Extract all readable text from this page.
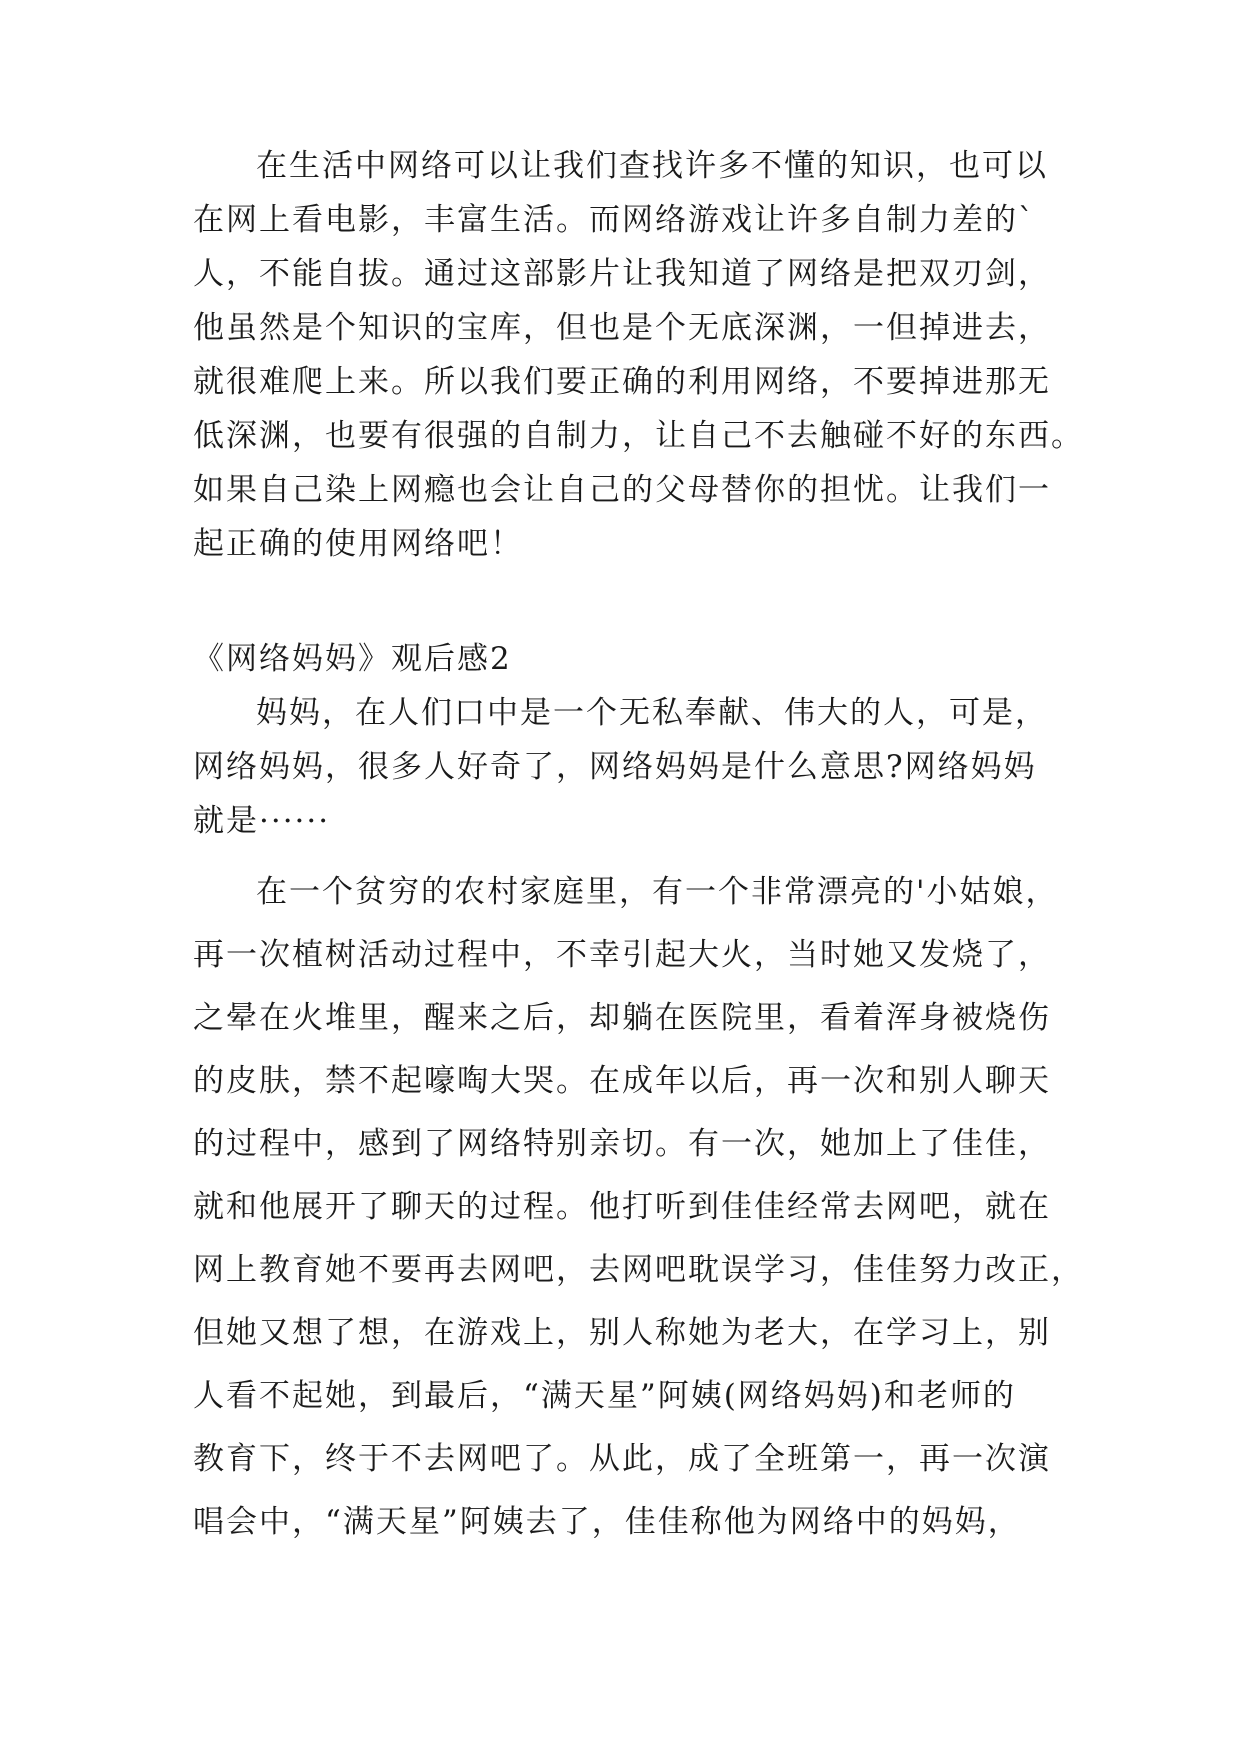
在生活中网络可以让我们查找许多不懂的知识，也可以
在网上看电影，丰富生活。而网络游戏让许多自制力差的`
人，不能自拔。通过这部影片让我知道了网络是把双刃剑，
他虽然是个知识的宝库，但也是个无底深渊，一但掉进去，
就很难爬上来。所以我们要正确的利用网络，不要掉进那无
低深渊，也要有很强的自制力，让自己不去触碰不好的东西。
如果自己染上网瘾也会让自己的父母替你的担忧。让我们一
起正确的使用网络吧！
《网络妈妈》观后感2
妈妈，在人们口中是一个无私奉献、伟大的人，可是，
网络妈妈，很多人好奇了，网络妈妈是什么意思?网络妈妈
就是······
在一个贫穷的农村家庭里，有一个非常漂亮的'小姑娘，
再一次植树活动过程中，不幸引起大火，当时她又发烧了，
之晕在火堆里，醒来之后，却躺在医院里，看着浑身被烧伤
的皮肤，禁不起嚎啕大哭。在成年以后，再一次和别人聊天
的过程中，感到了网络特别亲切。有一次，她加上了佳佳，
就和他展开了聊天的过程。他打听到佳佳经常去网吧，就在
网上教育她不要再去网吧，去网吧耽误学习，佳佳努力改正，
但她又想了想，在游戏上，别人称她为老大，在学习上，别
人看不起她，到最后，“满天星”阿姨(网络妈妈)和老师的
教育下，终于不去网吧了。从此，成了全班第一，再一次演
唱会中，“满天星”阿姨去了，佳佳称他为网络中的妈妈，
